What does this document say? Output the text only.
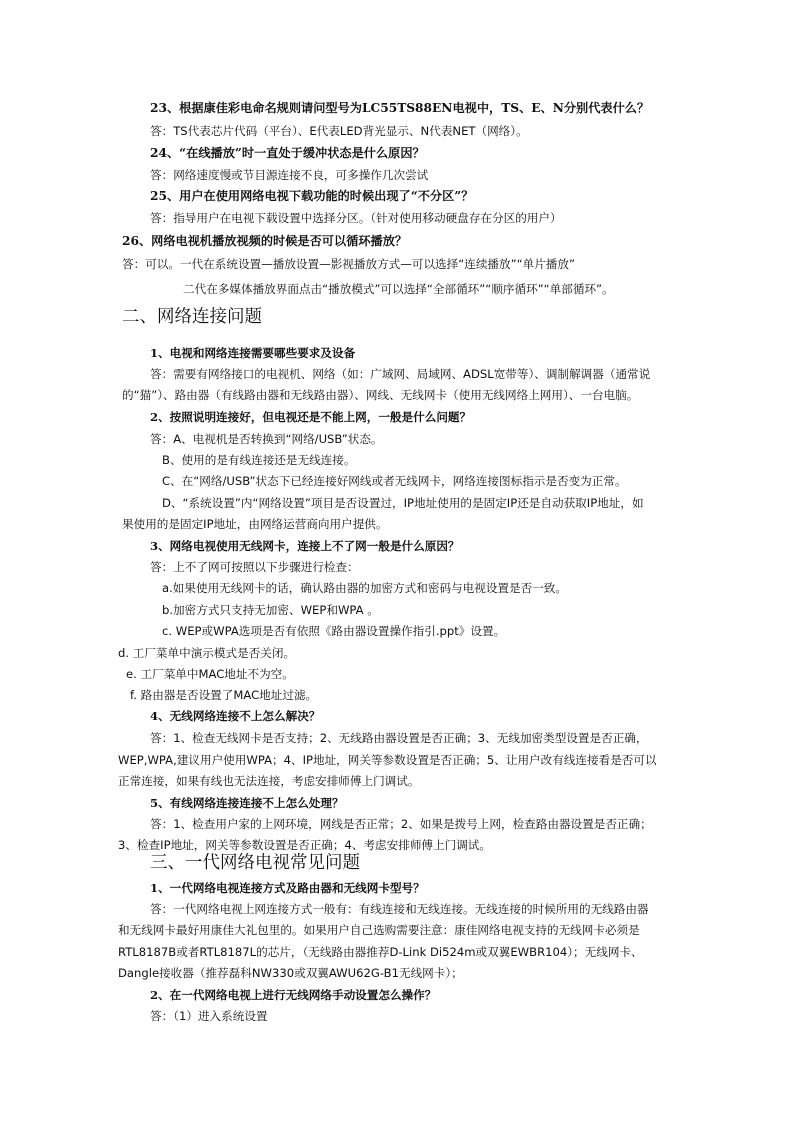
23、根据康佳彩电命名规则请问型号为LC55TS88EN电视中，TS、E、N分别代表什么？
答：TS代表芯片代码（平台）、E代表LED背光显示、N代表NET（网络）。
24、“在线播放”时一直处于缓冲状态是什么原因？
答：网络速度慢或节目源连接不良，可多操作几次尝试
25、用户在使用网络电视下载功能的时候出现了“不分区”？
答：指导用户在电视下载设置中选择分区。（针对使用移动硬盘存在分区的用户）
26、网络电视机播放视频的时候是否可以循环播放？
答：可以。一代在系统设置—播放设置—影视播放方式—可以选择“连续播放”“单片播放”
二代在多媒体播放界面点击“播放模式”可以选择“全部循环”“顺序循环”“单部循环”。
二、网络连接问题
1、电视和网络连接需要哪些要求及设备
答：需要有网络接口的电视机、网络（如：广域网、局域网、ADSL宽带等）、调制解调器（通常说
的“猫”）、路由器（有线路由器和无线路由器）、网线、无线网卡（使用无线网络上网用）、一台电脑。
2、按照说明连接好，但电视还是不能上网，一般是什么问题？
答：A、电视机是否转换到“网络/USB”状态。
B、使用的是有线连接还是无线连接。
C、在“网络/USB”状态下已经连接好网线或者无线网卡，网络连接图标指示是否变为正常。
D、“系统设置”内“网络设置”项目是否设置过，IP地址使用的是固定IP还是自动获取IP地址，如
果使用的是固定IP地址，由网络运营商向用户提供。
3、网络电视使用无线网卡，连接上不了网一般是什么原因？
答：上不了网可按照以下步骤进行检查：
a.如果使用无线网卡的话，确认路由器的加密方式和密码与电视设置是否一致。
b.加密方式只支持无加密、WEP和WPA 。
c. WEP或WPA选项是否有依照《路由器设置操作指引.ppt》设置。
d. 工厂菜单中演示模式是否关闭。
e. 工厂菜单中MAC地址不为空。
f. 路由器是否设置了MAC地址过滤。
4、无线网络连接不上怎么解决？
答：1、检查无线网卡是否支持；2、无线路由器设置是否正确；3、无线加密类型设置是否正确，
WEP,WPA,建议用户使用WPA；4、IP地址，网关等参数设置是否正确；5、让用户改有线连接看是否可以
正常连接，如果有线也无法连接，考虑安排师傅上门调试。
5、有线网络连接连接不上怎么处理？
答：1、检查用户家的上网环境，网线是否正常；2、如果是拨号上网，检查路由器设置是否正确；
3、检查IP地址，网关等参数设置是否正确；4、考虑安排师傅上门调试。
三、一代网络电视常见问题
1、一代网络电视连接方式及路由器和无线网卡型号？
答：一代网络电视上网连接方式一般有：有线连接和无线连接。无线连接的时候所用的无线路由器
和无线网卡最好用康佳大礼包里的。如果用户自己选购需要注意：康佳网络电视支持的无线网卡必须是
RTL8187B或者RTL8187L的芯片，（无线路由器推荐D-Link Di524m或双翼EWBR104）；无线网卡、
Dangle接收器（推荐磊科NW330或双翼AWU62G-B1无线网卡）；
2、在一代网络电视上进行无线网络手动设置怎么操作？
答：（1）进入系统设置
